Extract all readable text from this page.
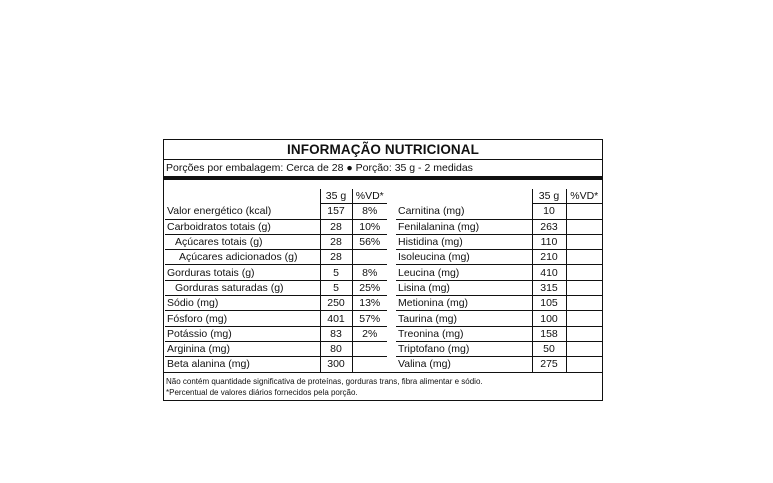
INFORMAÇÃO NUTRICIONAL
Porções por embalagem: Cerca de 28 ● Porção: 35 g - 2 medidas
	35 g	%VD*
Valor energético (kcal)	157	8%
Carboidratos totais (g)	28	10%
Açúcares totais (g)	28	56%
Açúcares adicionados (g)	28	
Gorduras totais (g)	5	8%
Gorduras saturadas (g)	5	25%
Sódio (mg)	250	13%
Fósforo (mg)	401	57%
Potássio (mg)	83	2%
Arginina (mg)	80	
Beta alanina (mg)	300	
	35 g	%VD*
Carnitina (mg)	10	
Fenilalanina (mg)	263	
Histidina (mg)	110	
Isoleucina (mg)	210	
Leucina (mg)	410	
Lisina (mg)	315	
Metionina (mg)	105	
Taurina (mg)	100	
Treonina (mg)	158	
Triptofano (mg)	50	
Valina (mg)	275	
Não contém quantidade significativa de proteínas, gorduras trans, fibra alimentar e sódio.
*Percentual de valores diários fornecidos pela porção.
